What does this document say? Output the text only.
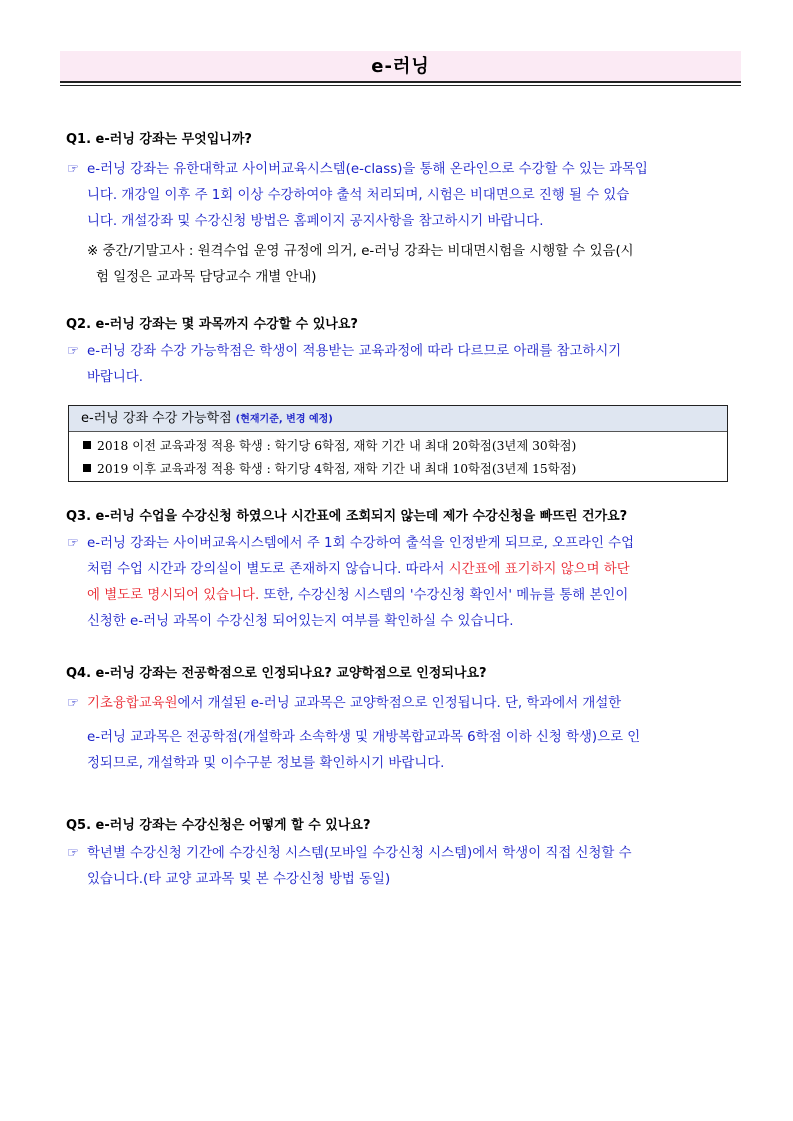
e-러닝
Q1. e-러닝 강좌는 무엇입니까?
☞ e-러닝 강좌는 유한대학교 사이버교육시스템(e-class)을 통해 온라인으로 수강할 수 있는 과목입
니다. 개강일 이후 주 1회 이상 수강하여야 출석 처리되며, 시험은 비대면으로 진행 될 수 있습
니다. 개설강좌 및 수강신청 방법은 홈페이지 공지사항을 참고하시기 바랍니다.
※ 중간/기말고사 : 원격수업 운영 규정에 의거, e-러닝 강좌는 비대면시험을 시행할 수 있음(시
험 일정은 교과목 담당교수 개별 안내)
Q2. e-러닝 강좌는 몇 과목까지 수강할 수 있나요?
☞ e-러닝 강좌 수강 가능학점은 학생이 적용받는 교육과정에 따라 다르므로 아래를 참고하시기
바랍니다.
e-러닝 강좌 수강 가능학점 (현재기준, 변경 예정)
2018 이전 교육과정 적용 학생 : 학기당 6학점, 재학 기간 내 최대 20학점(3년제 30학점)
2019 이후 교육과정 적용 학생 : 학기당 4학점, 재학 기간 내 최대 10학점(3년제 15학점)
Q3. e-러닝 수업을 수강신청 하였으나 시간표에 조회되지 않는데 제가 수강신청을 빠뜨린 건가요?
☞ e-러닝 강좌는 사이버교육시스템에서 주 1회 수강하여 출석을 인정받게 되므로, 오프라인 수업
처럼 수업 시간과 강의실이 별도로 존재하지 않습니다. 따라서 시간표에 표기하지 않으며 하단
에 별도로 명시되어 있습니다. 또한, 수강신청 시스템의 '수강신청 확인서' 메뉴를 통해 본인이
신청한 e-러닝 과목이 수강신청 되어있는지 여부를 확인하실 수 있습니다.
Q4. e-러닝 강좌는 전공학점으로 인정되나요? 교양학점으로 인정되나요?
☞ 기초융합교육원에서 개설된 e-러닝 교과목은 교양학점으로 인정됩니다. 단, 학과에서 개설한
e-러닝 교과목은 전공학점(개설학과 소속학생 및 개방복합교과목 6학점 이하 신청 학생)으로 인
정되므로, 개설학과 및 이수구분 정보를 확인하시기 바랍니다.
Q5. e-러닝 강좌는 수강신청은 어떻게 할 수 있나요?
☞ 학년별 수강신청 기간에 수강신청 시스템(모바일 수강신청 시스템)에서 학생이 직접 신청할 수
있습니다.(타 교양 교과목 및 본 수강신청 방법 동일)
